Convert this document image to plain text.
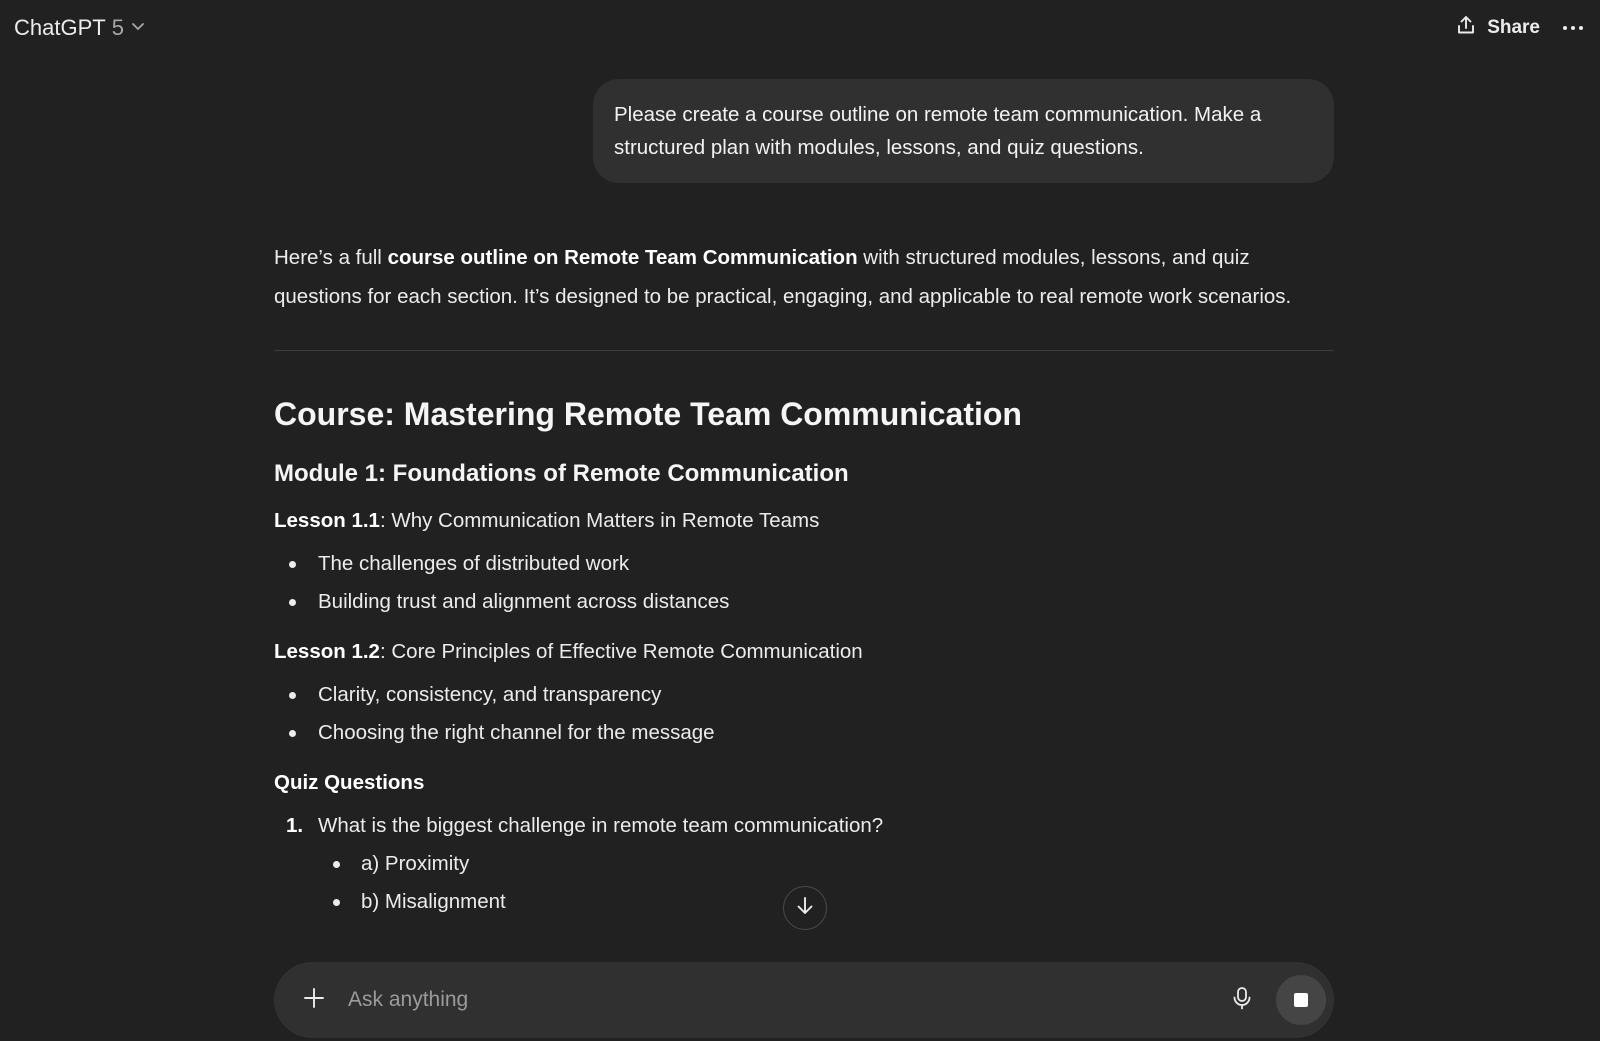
ChatGPT 5	Share
Please create a course outline on remote team communication. Make a structured plan with modules, lessons, and quiz questions.

Here’s a full course outline on Remote Team Communication with structured modules, lessons, and quiz questions for each section. It’s designed to be practical, engaging, and applicable to real remote work scenarios.

Course: Mastering Remote Team Communication
Module 1: Foundations of Remote Communication

Lesson 1.1: Why Communication Matters in Remote Teams

The challenges of distributed work
Building trust and alignment across distances

Lesson 1.2: Core Principles of Effective Remote Communication

Clarity, consistency, and transparency
Choosing the right channel for the message

Quiz Questions

1. What is the biggest challenge in remote team communication?
a) Proximity
b) Misalignment
Ask anything
